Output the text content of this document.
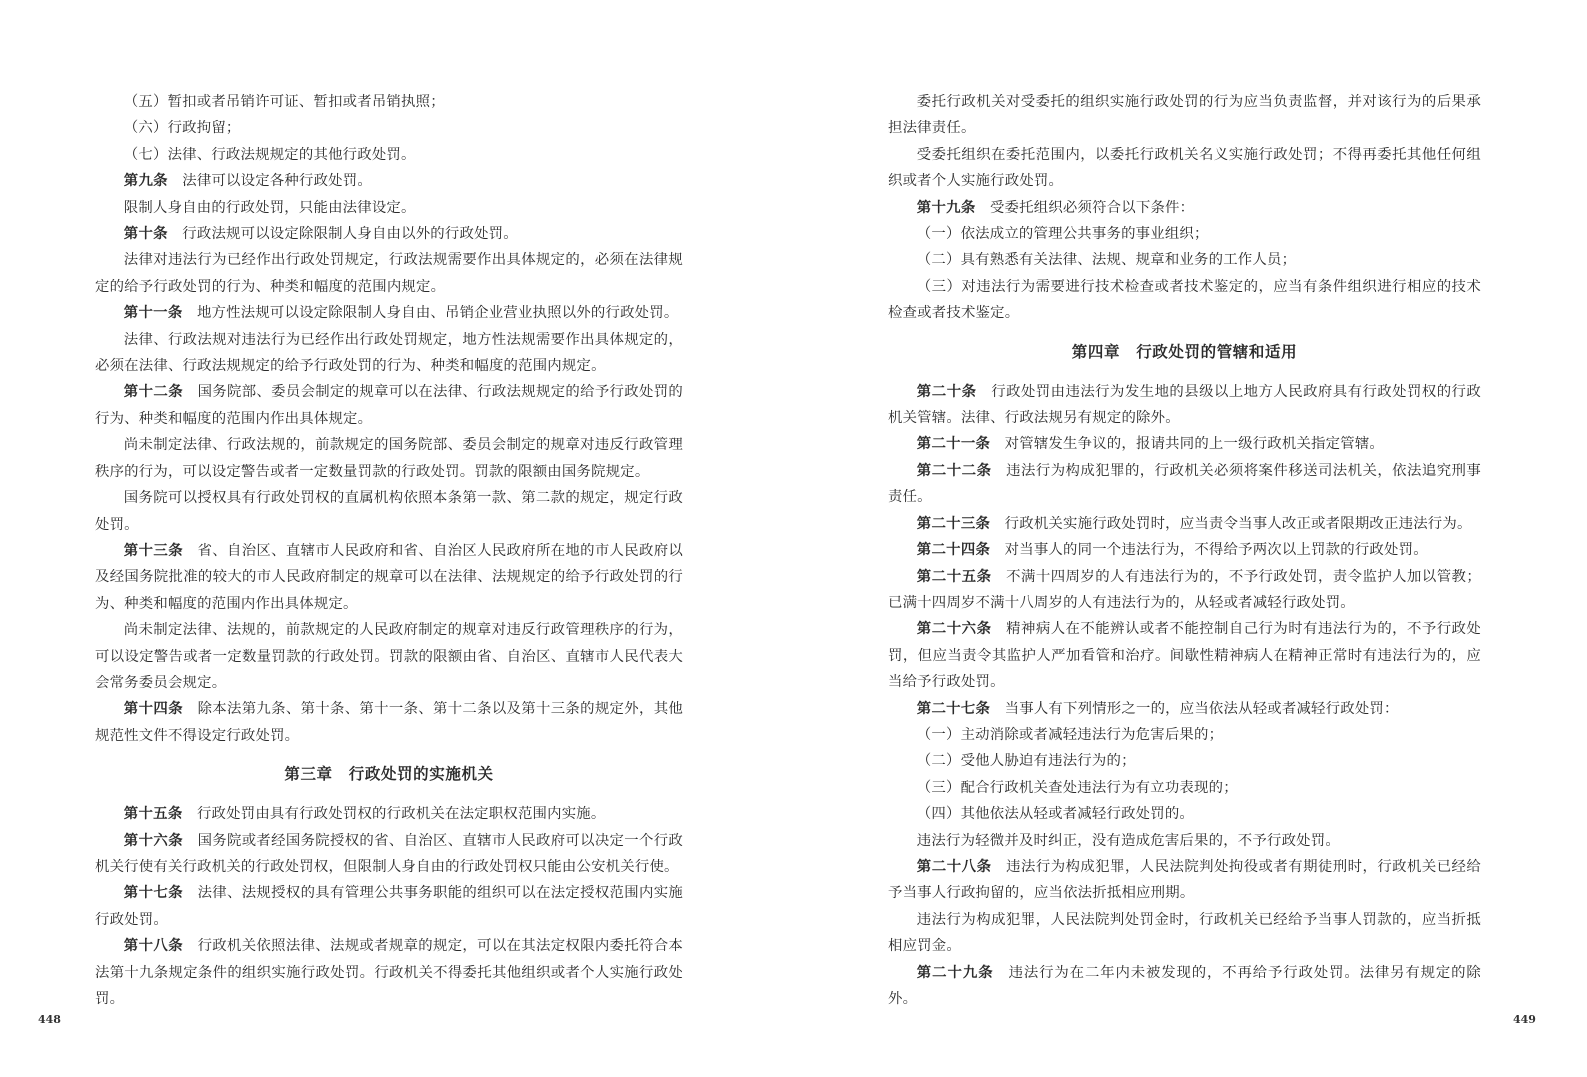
（五）暂扣或者吊销许可证、暂扣或者吊销执照；

（六）行政拘留；

（七）法律、行政法规规定的其他行政处罚。

第九条 法律可以设定各种行政处罚。

限制人身自由的行政处罚，只能由法律设定。

第十条 行政法规可以设定除限制人身自由以外的行政处罚。

法律对违法行为已经作出行政处罚规定，行政法规需要作出具体规定的，必须在法律规定的给予行政处罚的行为、种类和幅度的范围内规定。

第十一条 地方性法规可以设定除限制人身自由、吊销企业营业执照以外的行政处罚。

法律、行政法规对违法行为已经作出行政处罚规定，地方性法规需要作出具体规定的，必须在法律、行政法规规定的给予行政处罚的行为、种类和幅度的范围内规定。

第十二条 国务院部、委员会制定的规章可以在法律、行政法规规定的给予行政处罚的行为、种类和幅度的范围内作出具体规定。

尚未制定法律、行政法规的，前款规定的国务院部、委员会制定的规章对违反行政管理秩序的行为，可以设定警告或者一定数量罚款的行政处罚。罚款的限额由国务院规定。

国务院可以授权具有行政处罚权的直属机构依照本条第一款、第二款的规定，规定行政处罚。

第十三条 省、自治区、直辖市人民政府和省、自治区人民政府所在地的市人民政府以及经国务院批准的较大的市人民政府制定的规章可以在法律、法规规定的给予行政处罚的行为、种类和幅度的范围内作出具体规定。

尚未制定法律、法规的，前款规定的人民政府制定的规章对违反行政管理秩序的行为，可以设定警告或者一定数量罚款的行政处罚。罚款的限额由省、自治区、直辖市人民代表大会常务委员会规定。

第十四条 除本法第九条、第十条、第十一条、第十二条以及第十三条的规定外，其他规范性文件不得设定行政处罚。

第三章　行政处罚的实施机关

第十五条 行政处罚由具有行政处罚权的行政机关在法定职权范围内实施。

第十六条 国务院或者经国务院授权的省、自治区、直辖市人民政府可以决定一个行政机关行使有关行政机关的行政处罚权，但限制人身自由的行政处罚权只能由公安机关行使。

第十七条 法律、法规授权的具有管理公共事务职能的组织可以在法定授权范围内实施行政处罚。

第十八条 行政机关依照法律、法规或者规章的规定，可以在其法定权限内委托符合本法第十九条规定条件的组织实施行政处罚。行政机关不得委托其他组织或者个人实施行政处罚。

448

委托行政机关对受委托的组织实施行政处罚的行为应当负责监督，并对该行为的后果承担法律责任。

受委托组织在委托范围内，以委托行政机关名义实施行政处罚；不得再委托其他任何组织或者个人实施行政处罚。

第十九条 受委托组织必须符合以下条件：

（一）依法成立的管理公共事务的事业组织；

（二）具有熟悉有关法律、法规、规章和业务的工作人员；

（三）对违法行为需要进行技术检查或者技术鉴定的，应当有条件组织进行相应的技术检查或者技术鉴定。

第四章　行政处罚的管辖和适用

第二十条 行政处罚由违法行为发生地的县级以上地方人民政府具有行政处罚权的行政机关管辖。法律、行政法规另有规定的除外。

第二十一条 对管辖发生争议的，报请共同的上一级行政机关指定管辖。

第二十二条 违法行为构成犯罪的，行政机关必须将案件移送司法机关，依法追究刑事责任。

第二十三条 行政机关实施行政处罚时，应当责令当事人改正或者限期改正违法行为。

第二十四条 对当事人的同一个违法行为，不得给予两次以上罚款的行政处罚。

第二十五条 不满十四周岁的人有违法行为的，不予行政处罚，责令监护人加以管教；已满十四周岁不满十八周岁的人有违法行为的，从轻或者减轻行政处罚。

第二十六条 精神病人在不能辨认或者不能控制自己行为时有违法行为的，不予行政处罚，但应当责令其监护人严加看管和治疗。间歇性精神病人在精神正常时有违法行为的，应当给予行政处罚。

第二十七条 当事人有下列情形之一的，应当依法从轻或者减轻行政处罚：

（一）主动消除或者减轻违法行为危害后果的；

（二）受他人胁迫有违法行为的；

（三）配合行政机关查处违法行为有立功表现的；

（四）其他依法从轻或者减轻行政处罚的。

违法行为轻微并及时纠正，没有造成危害后果的，不予行政处罚。

第二十八条 违法行为构成犯罪，人民法院判处拘役或者有期徒刑时，行政机关已经给予当事人行政拘留的，应当依法折抵相应刑期。

违法行为构成犯罪，人民法院判处罚金时，行政机关已经给予当事人罚款的，应当折抵相应罚金。

第二十九条 违法行为在二年内未被发现的，不再给予行政处罚。法律另有规定的除外。

449
